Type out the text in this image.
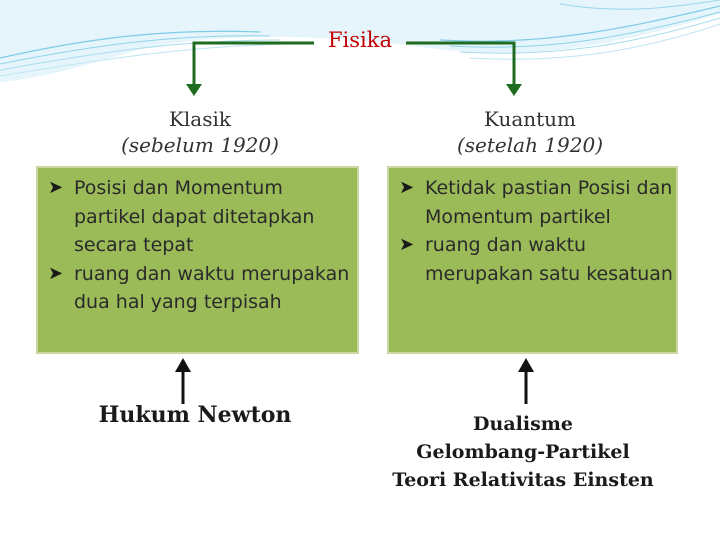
Fisika
Klasik
(sebelum 1920)
Kuantum
(setelah 1920)
➤ Posisi dan Momentum partikel dapat ditetapkan secara tepat
➤ ruang dan waktu merupakan dua hal yang terpisah
➤ Ketidak pastian Posisi dan Momentum partikel
➤ ruang dan waktu merupakan satu kesatuan
Hukum Newton	Dualisme
Gelombang-Partikel
Teori Relativitas Einsten
